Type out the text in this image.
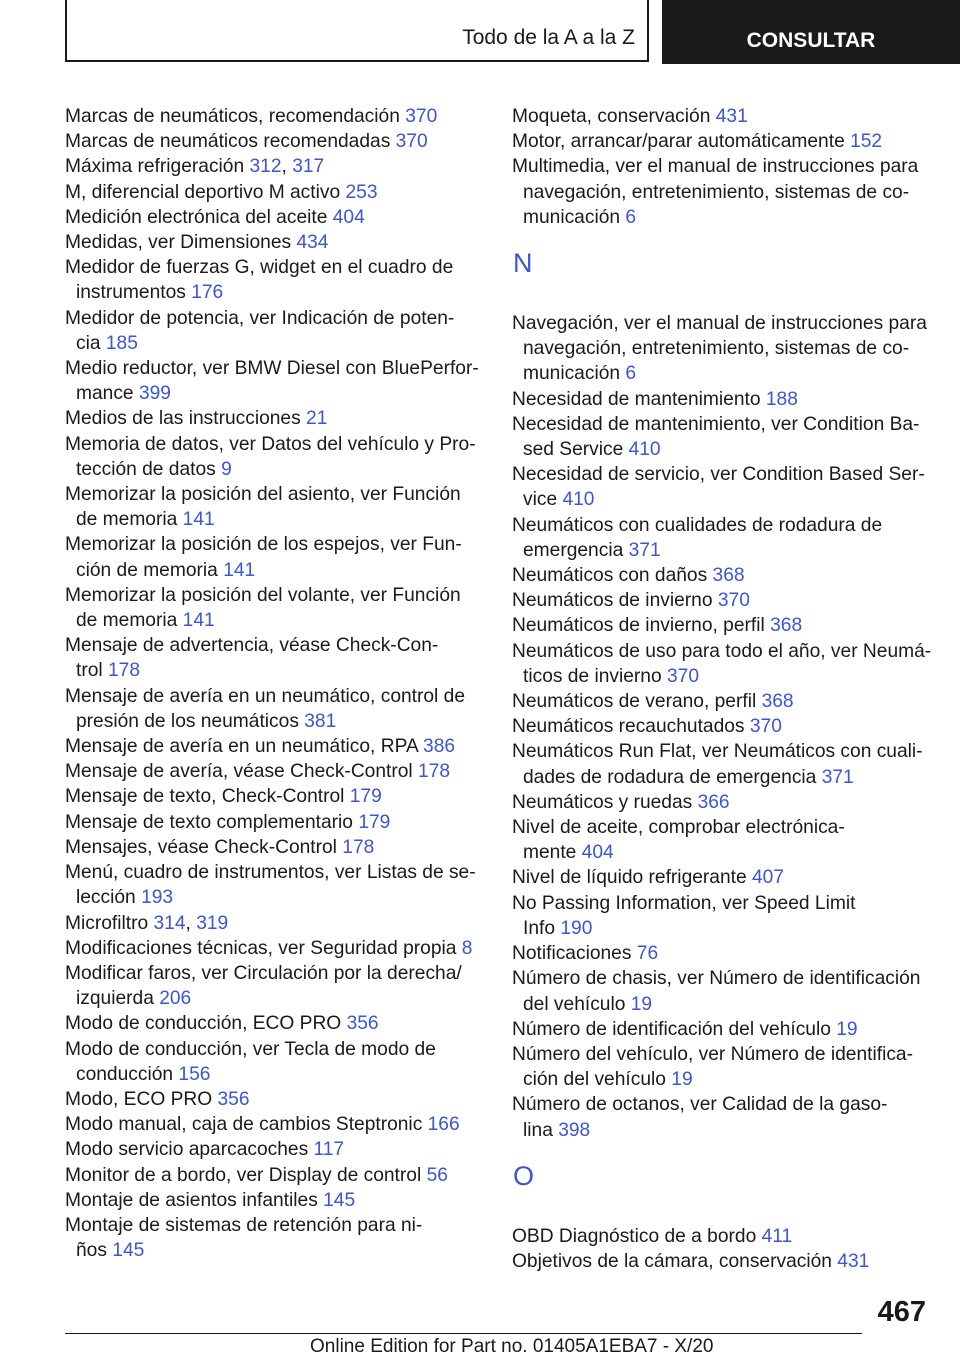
Todo de la A a la Z	CONSULTAR
Marcas de neumáticos, recomendación 370
Marcas de neumáticos recomendadas 370
Máxima refrigeración 312, 317
M, diferencial deportivo M activo 253
Medición electrónica del aceite 404
Medidas, ver Dimensiones 434
Medidor de fuerzas G, widget en el cuadro de
instrumentos 176
Medidor de potencia, ver Indicación de poten-
cia 185
Medio reductor, ver BMW Diesel con BluePerfor-
mance 399
Medios de las instrucciones 21
Memoria de datos, ver Datos del vehículo y Pro-
tección de datos 9
Memorizar la posición del asiento, ver Función
de memoria 141
Memorizar la posición de los espejos, ver Fun-
ción de memoria 141
Memorizar la posición del volante, ver Función
de memoria 141
Mensaje de advertencia, véase Check-Con-
trol 178
Mensaje de avería en un neumático, control de
presión de los neumáticos 381
Mensaje de avería en un neumático, RPA 386
Mensaje de avería, véase Check-Control 178
Mensaje de texto, Check-Control 179
Mensaje de texto complementario 179
Mensajes, véase Check-Control 178
Menú, cuadro de instrumentos, ver Listas de se-
lección 193
Microfiltro 314, 319
Modificaciones técnicas, ver Seguridad propia 8
Modificar faros, ver Circulación por la derecha/
izquierda 206
Modo de conducción, ECO PRO 356
Modo de conducción, ver Tecla de modo de
conducción 156
Modo, ECO PRO 356
Modo manual, caja de cambios Steptronic 166
Modo servicio aparcacoches 117
Monitor de a bordo, ver Display de control 56
Montaje de asientos infantiles 145
Montaje de sistemas de retención para ni-
ños 145
Moqueta, conservación 431
Motor, arrancar/parar automáticamente 152
Multimedia, ver el manual de instrucciones para
navegación, entretenimiento, sistemas de co-
municación 6
N
Navegación, ver el manual de instrucciones para
navegación, entretenimiento, sistemas de co-
municación 6
Necesidad de mantenimiento 188
Necesidad de mantenimiento, ver Condition Ba-
sed Service 410
Necesidad de servicio, ver Condition Based Ser-
vice 410
Neumáticos con cualidades de rodadura de
emergencia 371
Neumáticos con daños 368
Neumáticos de invierno 370
Neumáticos de invierno, perfil 368
Neumáticos de uso para todo el año, ver Neumá-
ticos de invierno 370
Neumáticos de verano, perfil 368
Neumáticos recauchutados 370
Neumáticos Run Flat, ver Neumáticos con cuali-
dades de rodadura de emergencia 371
Neumáticos y ruedas 366
Nivel de aceite, comprobar electrónica-
mente 404
Nivel de líquido refrigerante 407
No Passing Information, ver Speed Limit
Info 190
Notificaciones 76
Número de chasis, ver Número de identificación
del vehículo 19
Número de identificación del vehículo 19
Número del vehículo, ver Número de identifica-
ción del vehículo 19
Número de octanos, ver Calidad de la gaso-
lina 398
O
OBD Diagnóstico de a bordo 411
Objetivos de la cámara, conservación 431
467
Online Edition for Part no. 01405A1EBA7 - X/20
